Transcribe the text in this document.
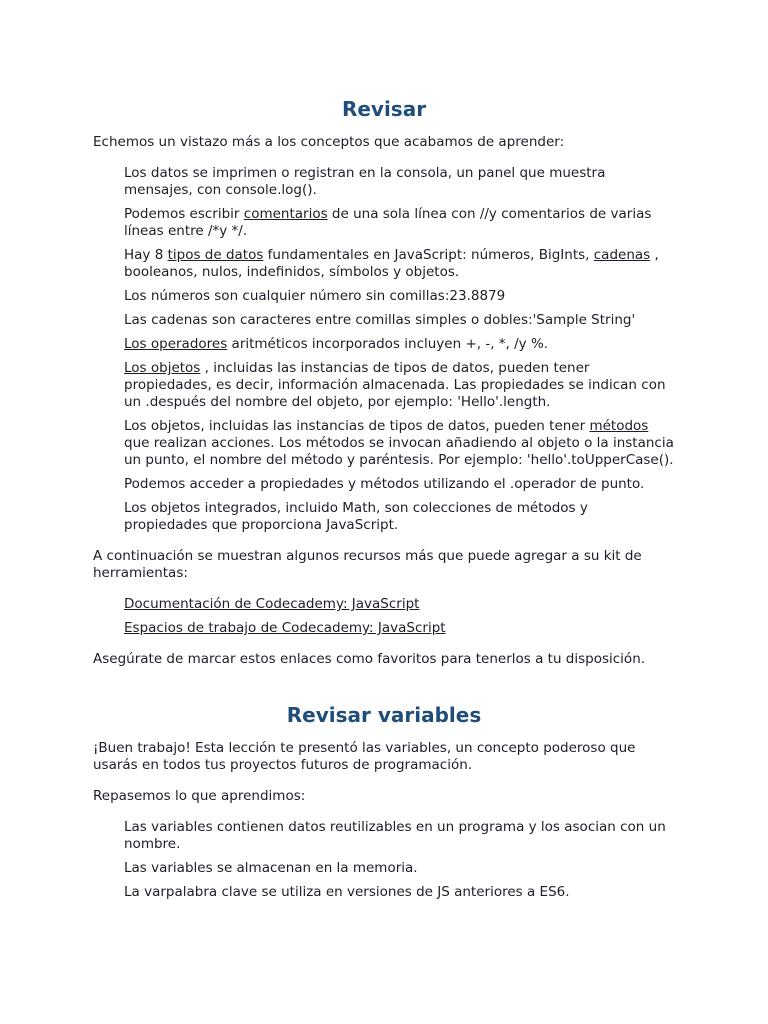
Revisar

Echemos un vistazo más a los conceptos que acabamos de aprender:

Los datos se imprimen o registran en la consola, un panel que muestra mensajes, con console.log().
Podemos escribir comentarios de una sola línea con //y comentarios de varias líneas entre /*y */.
Hay 8 tipos de datos fundamentales en JavaScript: números, BigInts, cadenas , booleanos, nulos, indefinidos, símbolos y objetos.
Los números son cualquier número sin comillas:23.8879
Las cadenas son caracteres entre comillas simples o dobles:'Sample String'
Los operadores aritméticos incorporados incluyen +, -, *, /y %.
Los objetos , incluidas las instancias de tipos de datos, pueden tener propiedades, es decir, información almacenada. Las propiedades se indican con un .después del nombre del objeto, por ejemplo: 'Hello'.length.
Los objetos, incluidas las instancias de tipos de datos, pueden tener métodos que realizan acciones. Los métodos se invocan añadiendo al objeto o la instancia un punto, el nombre del método y paréntesis. Por ejemplo: 'hello'.toUpperCase().
Podemos acceder a propiedades y métodos utilizando el .operador de punto.
Los objetos integrados, incluido Math, son colecciones de métodos y propiedades que proporciona JavaScript.

A continuación se muestran algunos recursos más que puede agregar a su kit de herramientas:

Documentación de Codecademy: JavaScript
Espacios de trabajo de Codecademy: JavaScript

Asegúrate de marcar estos enlaces como favoritos para tenerlos a tu disposición.

Revisar variables

¡Buen trabajo! Esta lección te presentó las variables, un concepto poderoso que usarás en todos tus proyectos futuros de programación.

Repasemos lo que aprendimos:

Las variables contienen datos reutilizables en un programa y los asocian con un nombre.
Las variables se almacenan en la memoria.
La varpalabra clave se utiliza en versiones de JS anteriores a ES6.
